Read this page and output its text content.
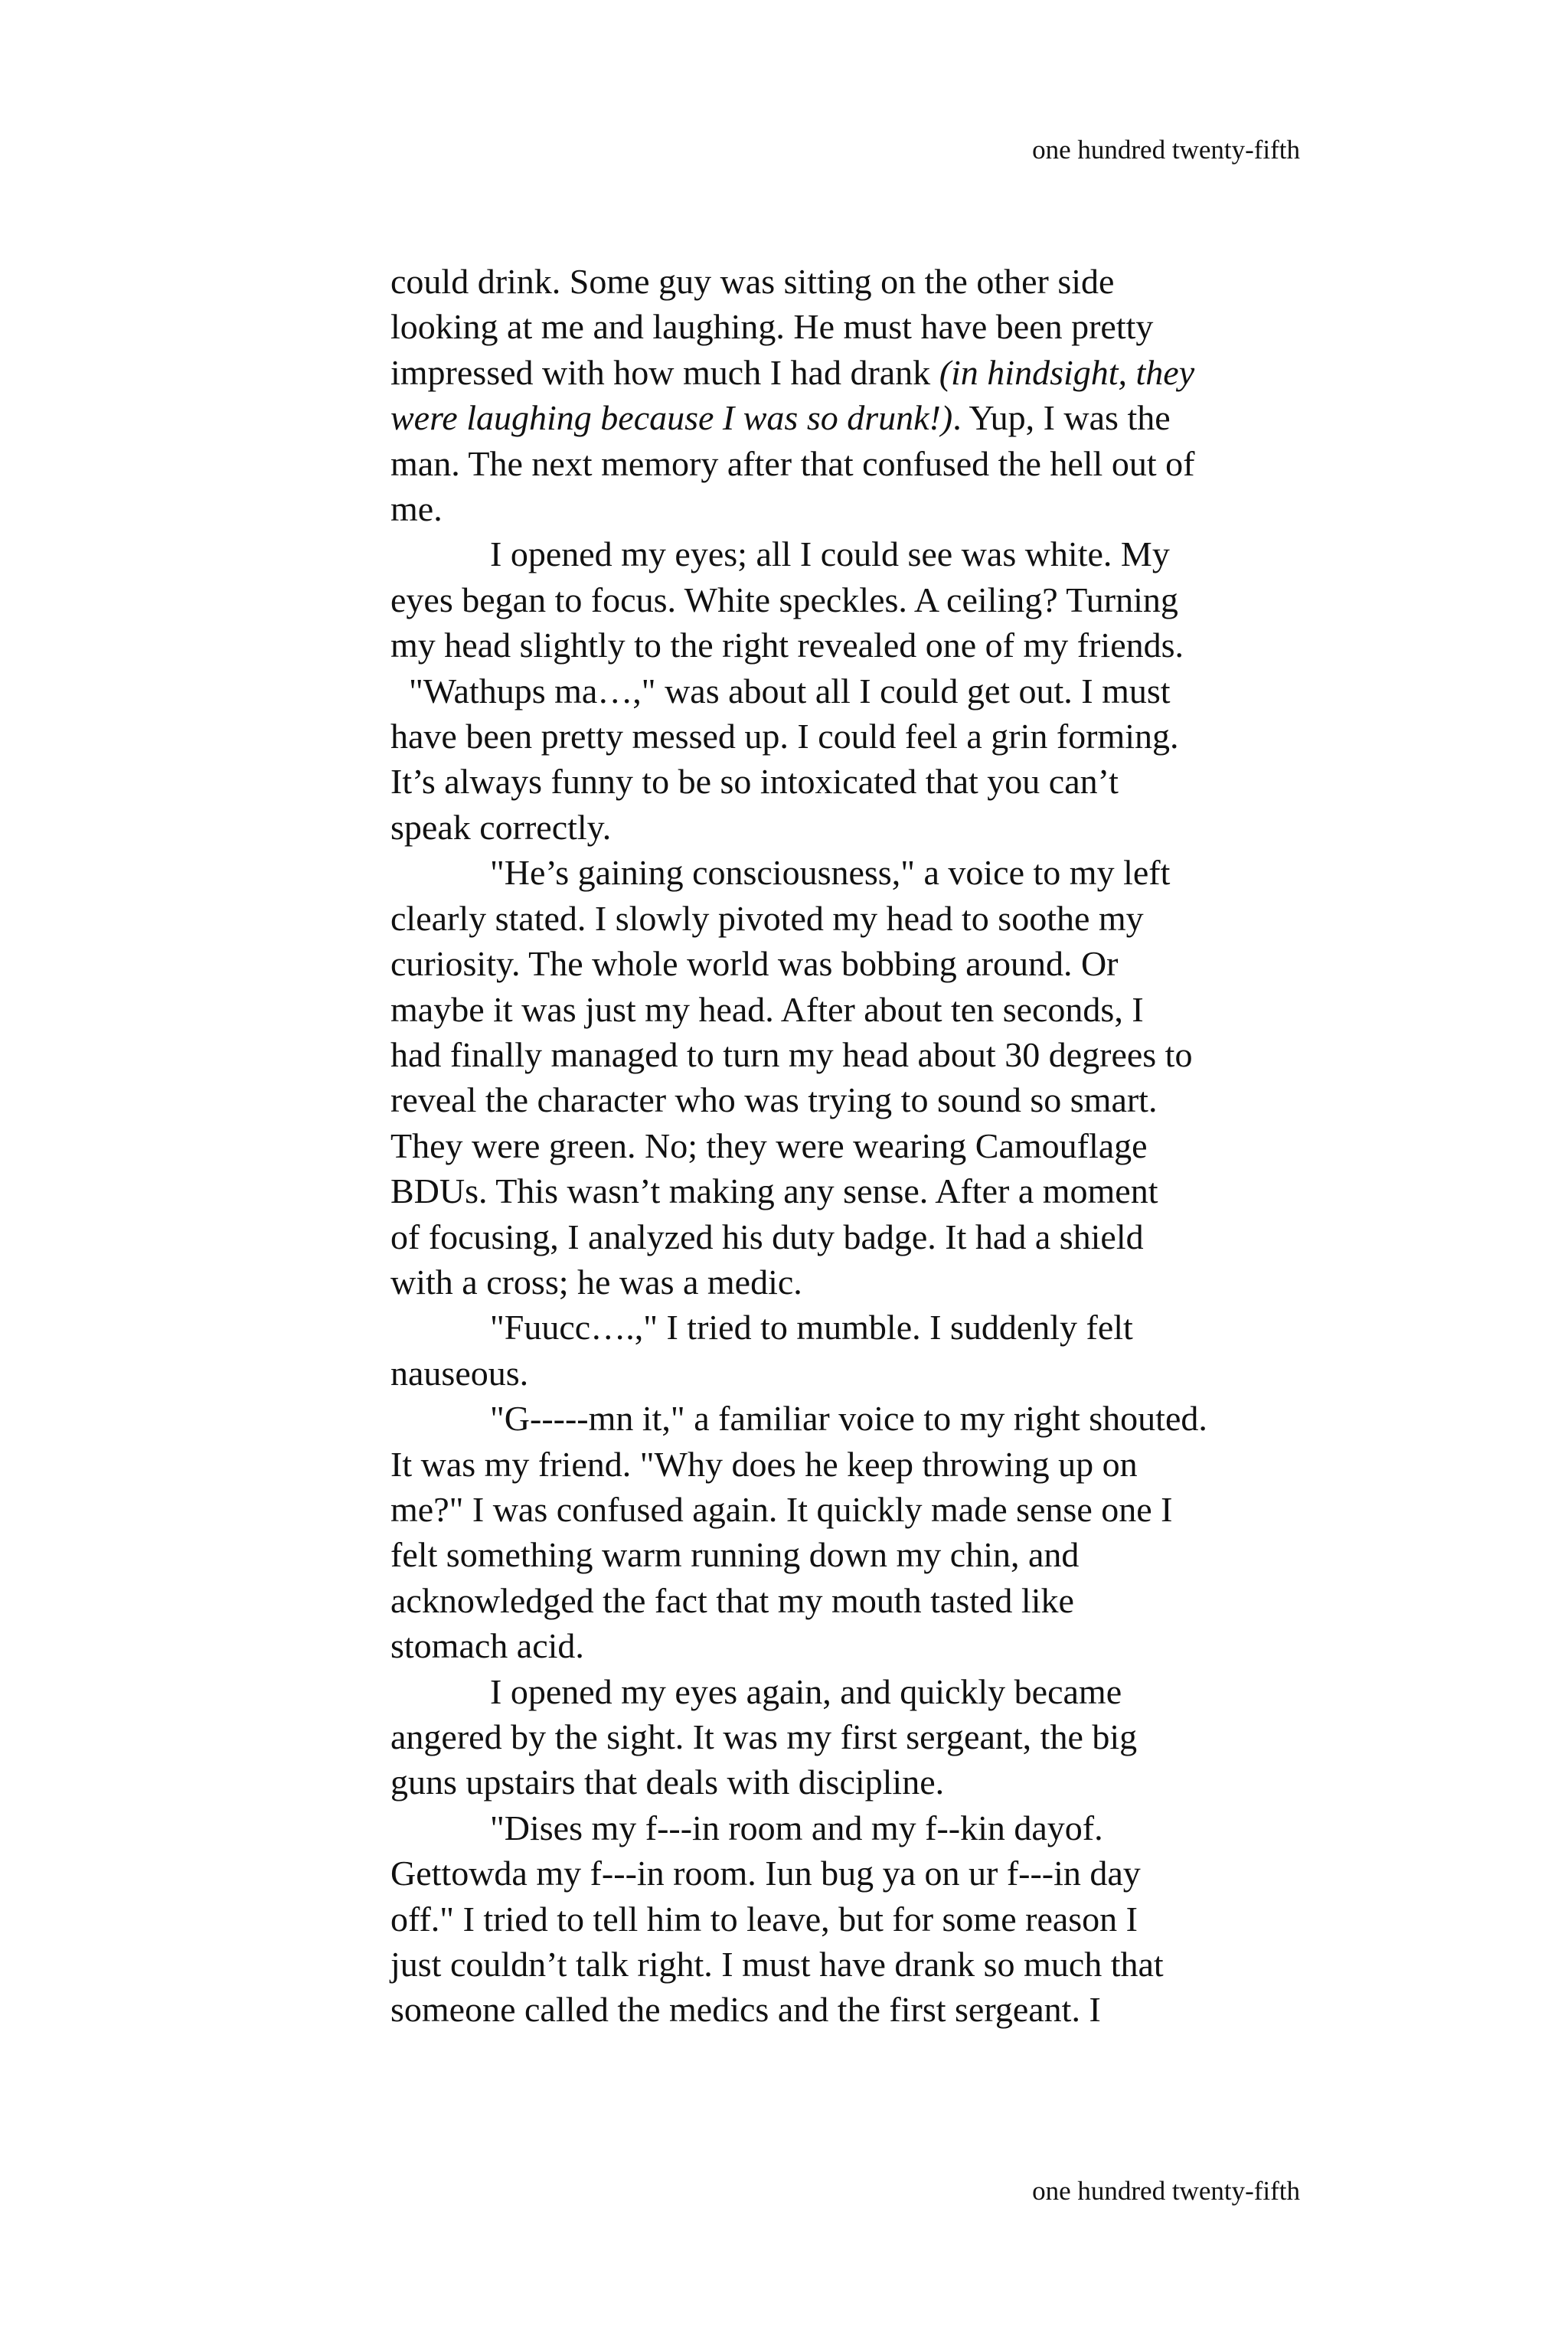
one hundred twenty-fifth

could drink. Some guy was sitting on the other side
looking at me and laughing. He must have been pretty
impressed with how much I had drank (in hindsight, they
were laughing because I was so drunk!). Yup, I was the
man. The next memory after that confused the hell out of
me.

I opened my eyes; all I could see was white. My
eyes began to focus. White speckles. A ceiling? Turning
my head slightly to the right revealed one of my friends.

"Wathups ma…," was about all I could get out. I must
have been pretty messed up. I could feel a grin forming.
It’s always funny to be so intoxicated that you can’t
speak correctly.

"He’s gaining consciousness," a voice to my left
clearly stated. I slowly pivoted my head to soothe my
curiosity. The whole world was bobbing around. Or
maybe it was just my head. After about ten seconds, I
had finally managed to turn my head about 30 degrees to
reveal the character who was trying to sound so smart.
They were green. No; they were wearing Camouflage
BDUs. This wasn’t making any sense. After a moment
of focusing, I analyzed his duty badge. It had a shield
with a cross; he was a medic.

"Fuucc….," I tried to mumble. I suddenly felt
nauseous.

"G-----mn it," a familiar voice to my right shouted.
It was my friend. "Why does he keep throwing up on
me?" I was confused again. It quickly made sense one I
felt something warm running down my chin, and
acknowledged the fact that my mouth tasted like
stomach acid.

I opened my eyes again, and quickly became
angered by the sight. It was my first sergeant, the big
guns upstairs that deals with discipline.

"Dises my f---in room and my f--kin dayof.
Gettowda my f---in room. Iun bug ya on ur f---in day
off." I tried to tell him to leave, but for some reason I
just couldn’t talk right. I must have drank so much that
someone called the medics and the first sergeant. I

one hundred twenty-fifth
